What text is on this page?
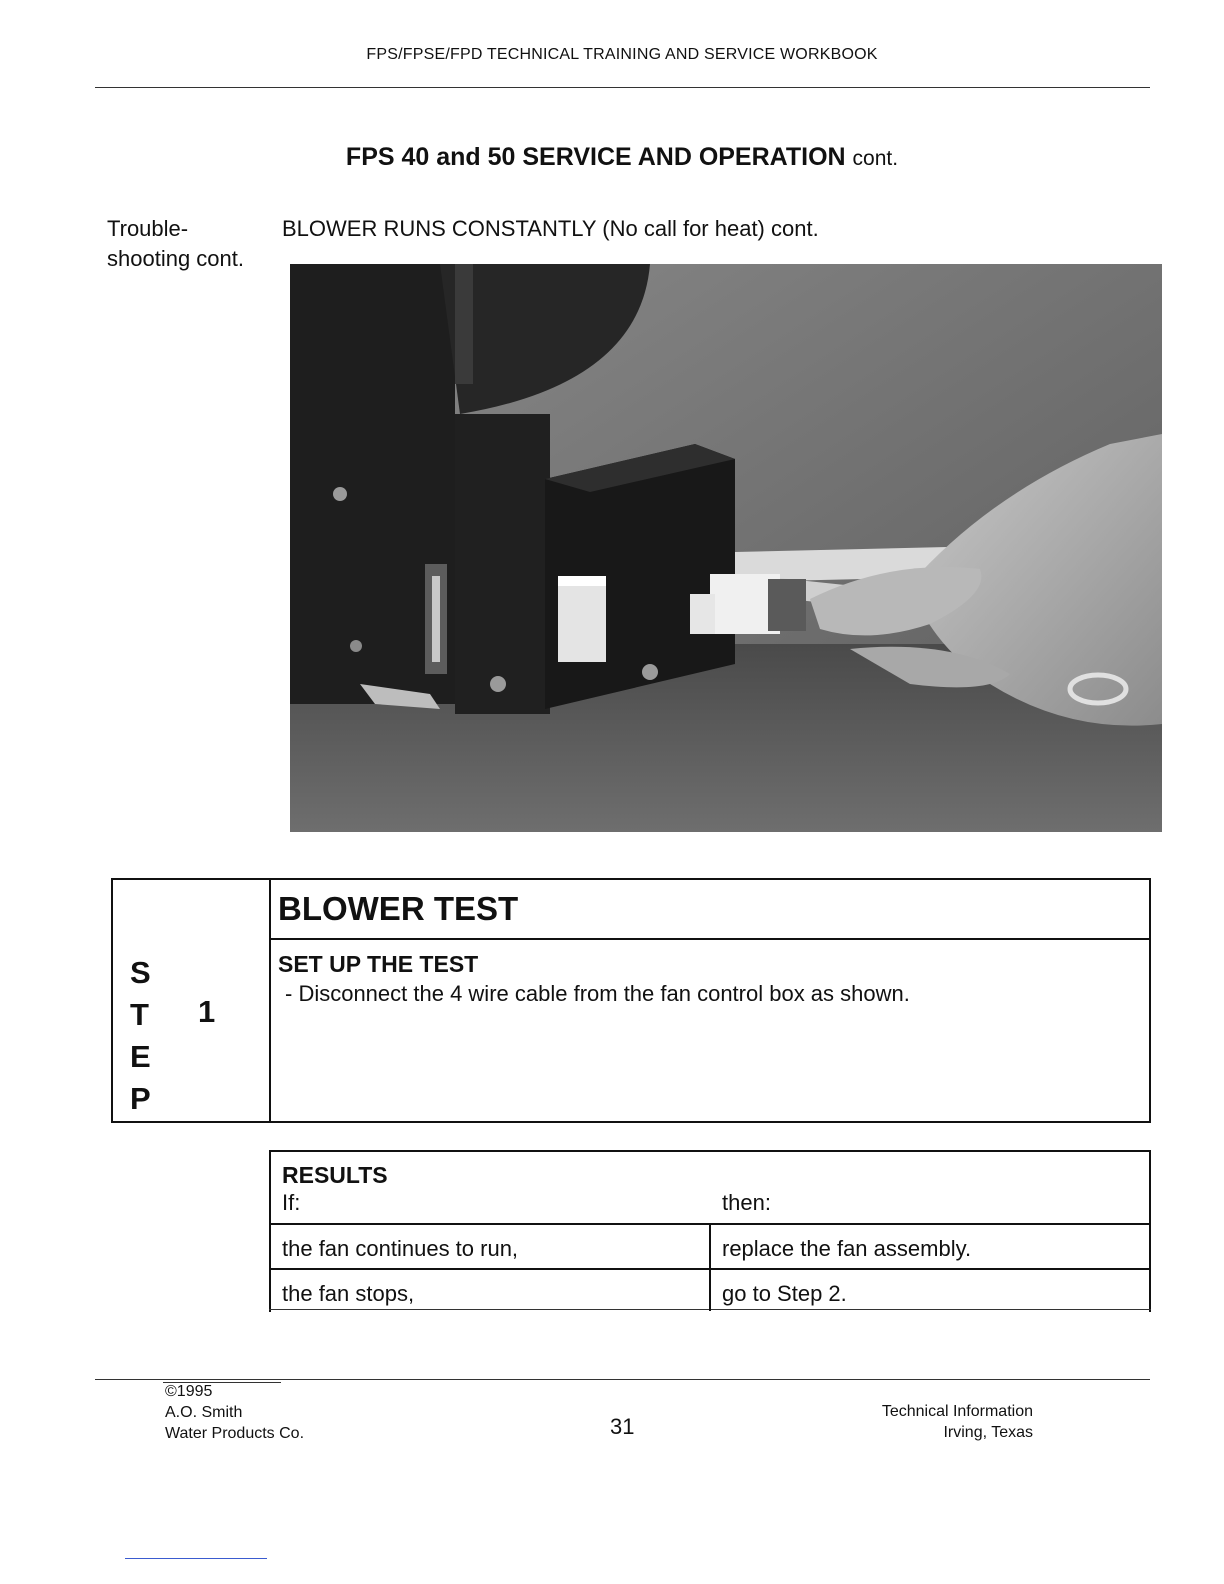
FPS/FPSE/FPD TECHNICAL TRAINING AND SERVICE WORKBOOK
FPS 40 and 50 SERVICE AND OPERATION cont.
Trouble-
shooting cont.
BLOWER RUNS CONSTANTLY (No call for heat) cont.
BLOWER TEST
S
T
E
P
1
SET UP THE TEST
- Disconnect the 4 wire cable from the fan control box as shown.
RESULTS
If:	then:
the fan continues to run,	replace the fan assembly.
the fan stops,	go to Step 2.
©1995
A.O. Smith
Water Products Co.	31
Technical Information
Irving, Texas
